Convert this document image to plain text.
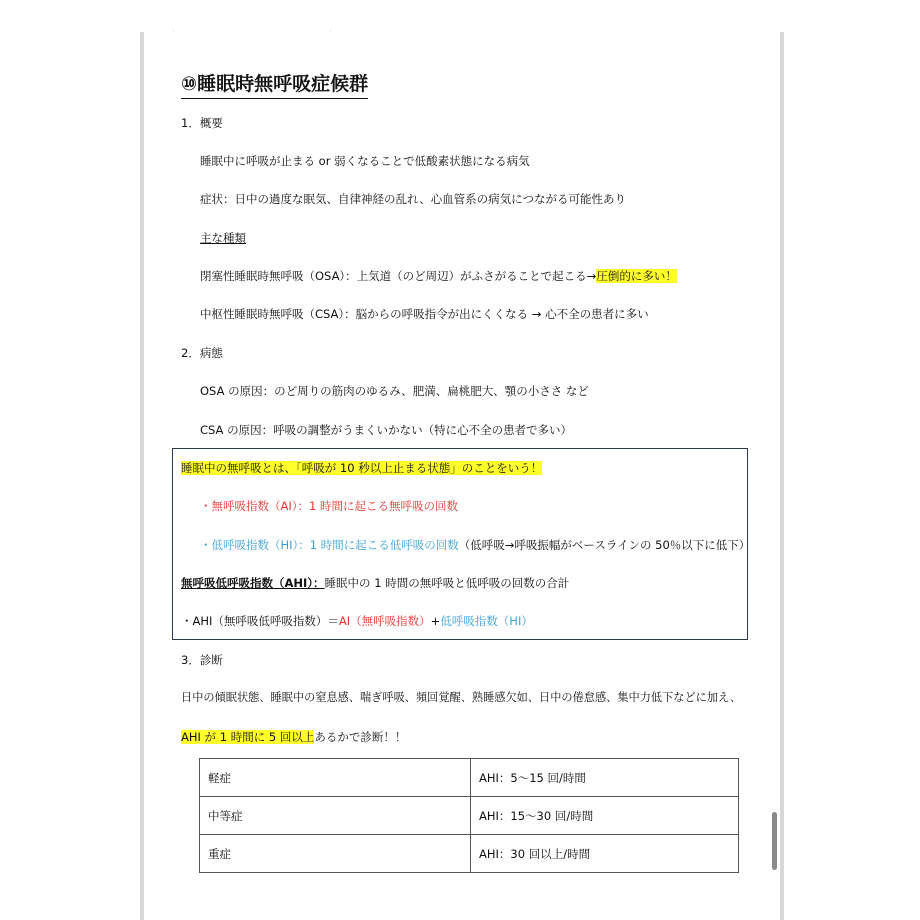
⑩睡眠時無呼吸症候群
1．概要
睡眠中に呼吸が止まる or 弱くなることで低酸素状態になる病気
症状：日中の過度な眠気、自律神経の乱れ、心血管系の病気につながる可能性あり
主な種類
閉塞性睡眠時無呼吸（OSA）：上気道（のど周辺）がふさがることで起こる→圧倒的に多い！
中枢性睡眠時無呼吸（CSA）：脳からの呼吸指令が出にくくなる → 心不全の患者に多い
2．病態
OSA の原因：のど周りの筋肉のゆるみ、肥満、扁桃肥大、顎の小ささ など
CSA の原因：呼吸の調整がうまくいかない（特に心不全の患者で多い）
睡眠中の無呼吸とは、「呼吸が 10 秒以上止まる状態」のことをいう！
・無呼吸指数（AI）：1 時間に起こる無呼吸の回数
・低呼吸指数（HI）：1 時間に起こる低呼吸の回数（低呼吸→呼吸振幅がベースラインの 50％以下に低下）
無呼吸低呼吸指数（AHI）：睡眠中の 1 時間の無呼吸と低呼吸の回数の合計
・AHI（無呼吸低呼吸指数）＝AI（無呼吸指数）+低呼吸指数（HI）
3．診断
日中の傾眠状態、睡眠中の窒息感、喘ぎ呼吸、頻回覚醒、熟睡感欠如、日中の倦怠感、集中力低下などに加え、
AHI が 1 時間に 5 回以上あるかで診断！！
軽症	AHI：5〜15 回/時間
中等症	AHI：15〜30 回/時間
重症	AHI：30 回以上/時間
